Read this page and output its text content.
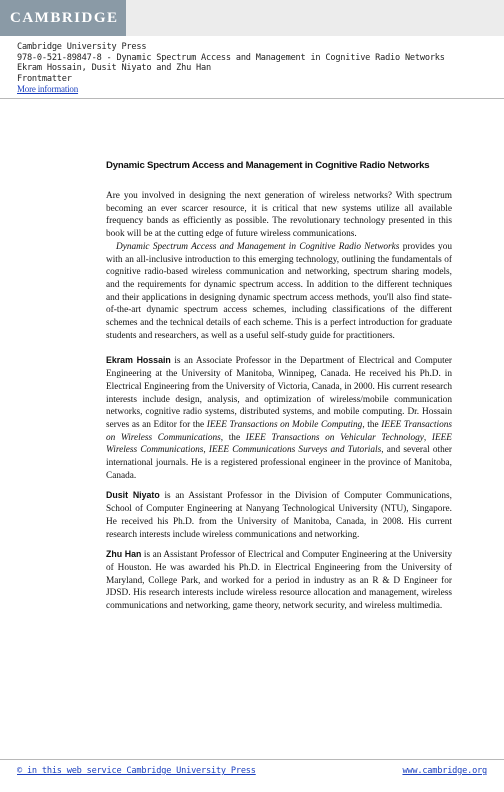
CAMBRIDGE
Cambridge University Press
978-0-521-89847-8 - Dynamic Spectrum Access and Management in Cognitive Radio Networks
Ekram Hossain, Dusit Niyato and Zhu Han
Frontmatter
More information
Dynamic Spectrum Access and Management in Cognitive Radio Networks

Are you involved in designing the next generation of wireless networks? With spectrum becoming an ever scarcer resource, it is critical that new systems utilize all available frequency bands as efficiently as possible. The revolutionary technology presented in this book will be at the cutting edge of future wireless communications.

Dynamic Spectrum Access and Management in Cognitive Radio Networks provides you with an all-inclusive introduction to this emerging technology, outlining the fundamentals of cognitive radio-based wireless communication and networking, spectrum sharing models, and the requirements for dynamic spectrum access. In addition to the different techniques and their applications in designing dynamic spectrum access methods, you'll also find state-of-the-art dynamic spectrum access schemes, including classifications of the different schemes and the technical details of each scheme. This is a perfect introduction for graduate students and researchers, as well as a useful self-study guide for practitioners.

Ekram Hossain is an Associate Professor in the Department of Electrical and Computer Engineering at the University of Manitoba, Winnipeg, Canada. He received his Ph.D. in Electrical Engineering from the University of Victoria, Canada, in 2000. His current research interests include design, analysis, and optimization of wireless/mobile communication networks, cognitive radio systems, distributed systems, and mobile computing. Dr. Hossain serves as an Editor for the IEEE Transactions on Mobile Computing, the IEEE Transactions on Wireless Communications, the IEEE Transactions on Vehicular Technology, IEEE Wireless Communications, IEEE Communications Surveys and Tutorials, and several other international journals. He is a registered professional engineer in the province of Manitoba, Canada.

Dusit Niyato is an Assistant Professor in the Division of Computer Communications, School of Computer Engineering at Nanyang Technological University (NTU), Singapore. He received his Ph.D. from the University of Manitoba, Canada, in 2008. His current research interests include wireless communications and networking.

Zhu Han is an Assistant Professor of Electrical and Computer Engineering at the University of Houston. He was awarded his Ph.D. in Electrical Engineering from the University of Maryland, College Park, and worked for a period in industry as an R & D Engineer for JDSD. His research interests include wireless resource allocation and management, wireless communications and networking, game theory, network security, and wireless multimedia.

© in this web service Cambridge University Press	www.cambridge.org
